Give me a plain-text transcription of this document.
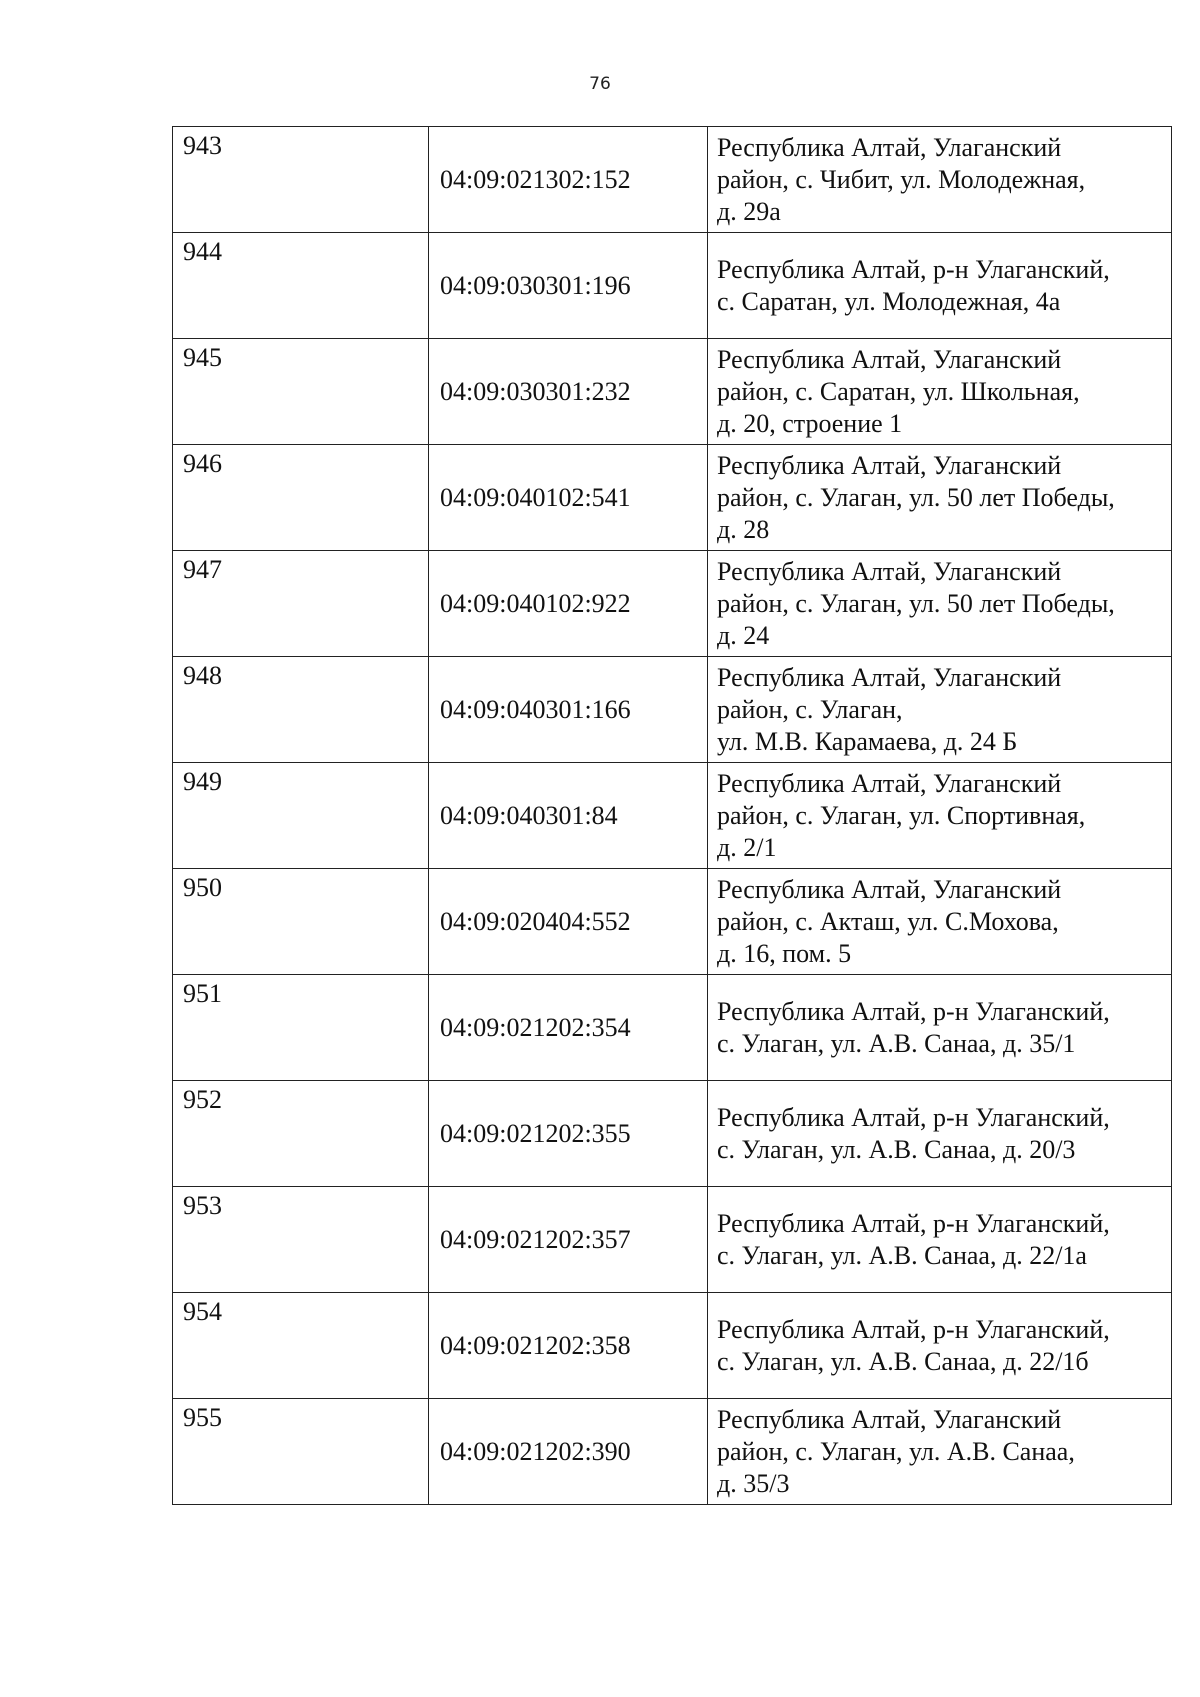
76
943	04:09:021302:152	Республика Алтай, Улаганский
район, с. Чибит, ул. Молодежная,
д. 29а

944	04:09:030301:196	Республика Алтай, р-н Улаганский,
с. Саратан, ул. Молодежная, 4а

945	04:09:030301:232	Республика Алтай, Улаганский
район, с. Саратан, ул. Школьная,
д. 20, строение 1

946	04:09:040102:541	Республика Алтай, Улаганский
район, с. Улаган, ул. 50 лет Победы,
д. 28

947	04:09:040102:922	Республика Алтай, Улаганский
район, с. Улаган, ул. 50 лет Победы,
д. 24

948	04:09:040301:166	Республика Алтай, Улаганский
район, с. Улаган,
ул. М.В. Карамаева, д. 24 Б

949	04:09:040301:84	Республика Алтай, Улаганский
район, с. Улаган, ул. Спортивная,
д. 2/1

950	04:09:020404:552	Республика Алтай, Улаганский
район, с. Акташ, ул. С.Мохова,
д. 16, пом. 5

951	04:09:021202:354	Республика Алтай, р-н Улаганский,
с. Улаган, ул. А.В. Санаа, д. 35/1

952	04:09:021202:355	Республика Алтай, р-н Улаганский,
с. Улаган, ул. А.В. Санаа, д. 20/3

953	04:09:021202:357	Республика Алтай, р-н Улаганский,
с. Улаган, ул. А.В. Санаа, д. 22/1а

954	04:09:021202:358	Республика Алтай, р-н Улаганский,
с. Улаган, ул. А.В. Санаа, д. 22/1б

955	04:09:021202:390	Республика Алтай, Улаганский
район, с. Улаган, ул. А.В. Санаа,
д. 35/3
